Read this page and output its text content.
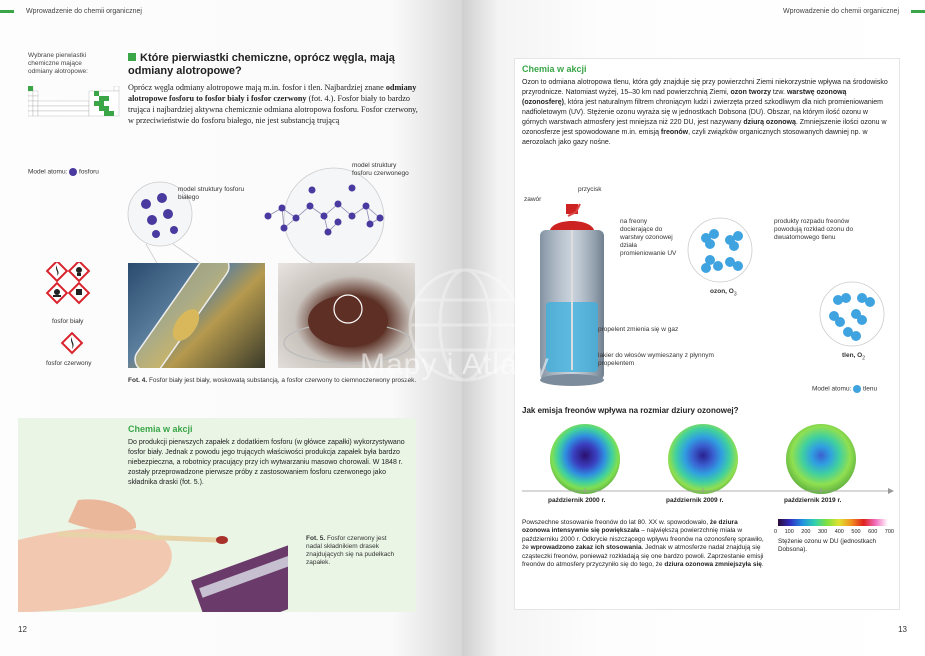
Wprowadzenie do chemii organicznej
Wybrane pierwiastki chemiczne mające odmiany alotropowe:
Które pierwiastki chemiczne, oprócz węgla, mają odmiany alotropowe?
Oprócz węgla odmiany alotropowe mają m.in. fosfor i tlen. Najbardziej znane odmiany alotropowe fosforu to fosfor biały i fosfor czerwony (fot. 4.). Fosfor biały to bardzo trująca i najbardziej aktywna chemicznie odmiana alotropowa fosforu. Fosfor czerwony, w przeciwieństwie do fosforu białego, nie jest substancją trującą
Model atomu: fosforu
model struktury fosforu białego
model struktury fosforu czerwonego
fosfor biały
fosfor czerwony
Fot. 4. Fosfor biały jest biały, woskowatą substancją, a fosfor czerwony to ciemnoczerwony proszek.
Chemia w akcji
Do produkcji pierwszych zapałek z dodatkiem fosforu (w główce zapałki) wykorzystywano fosfor biały. Jednak z powodu jego trujących właściwości produkcja zapałek była bardzo niebezpieczna, a robotnicy pracujący przy ich wytwarzaniu masowo chorowali. W 1848 r. zostały przeprowadzone pierwsze próby z zastosowaniem fosforu czerwonego jako składnika draski (fot. 5.).
Fot. 5. Fosfor czerwony jest nadal składnikiem drasek znajdujących się na pudełkach zapałek.
12
Wprowadzenie do chemii organicznej
13
Chemia w akcji
Ozon to odmiana alotropowa tlenu, która gdy znajduje się przy powierzchni Ziemi niekorzystnie wpływa na środowisko przyrodnicze. Natomiast wyżej, 15–30 km nad powierzchnią Ziemi, ozon tworzy tzw. warstwę ozonową (ozonosferę), która jest naturalnym filtrem chroniącym ludzi i zwierzęta przed szkodliwym dla nich promieniowaniem nadfioletowym (UV). Stężenie ozonu wyraża się w jednostkach Dobsona (DU). Obszar, na którym ilość ozonu w górnych warstwach atmosfery jest mniejsza niż 220 DU, jest nazywany dziurą ozonową. Zmniejszenie ilości ozonu w ozonosferze jest spowodowane m.in. emisją freonów, czyli związków organicznych stosowanych dawniej np. w aerozolach jako gazy nośne.
zawór
przycisk
na freony docierające do warstwy ozonowej działa promieniowanie UV
propelent zmienia się w gaz
lakier do włosów wymieszany z płynnym propelentem
ozon, $O_3$
produkty rozpadu freonów powodują rozkład ozonu do dwuatomowego tlenu
tlen, $O_2$
Model atomu: tlenu
Jak emisja freonów wpływa na rozmiar dziury ozonowej?
październik 2000 r.	październik 2009 r.	październik 2019 r.
Powszechne stosowanie freonów do lat 80. XX w. spowodowało, że dziura ozonowa intensywnie się powiększała – największą powierzchnię miała w październiku 2000 r. Odkrycie niszczącego wpływu freonów na ozonosferę sprawiło, że wprowadzono zakaz ich stosowania. Jednak w atmosferze nadal znajdują się cząsteczki freonów, ponieważ rozkładają się one bardzo powoli. Zaprzestanie emisji freonów do atmosfery przyczyniło się do tego, że dziura ozonowa zmniejszyła się.
0 100 200 300 400 500 600 700
Stężenie ozonu w DU (jednostkach Dobsona).
Mapy i Atlasy
